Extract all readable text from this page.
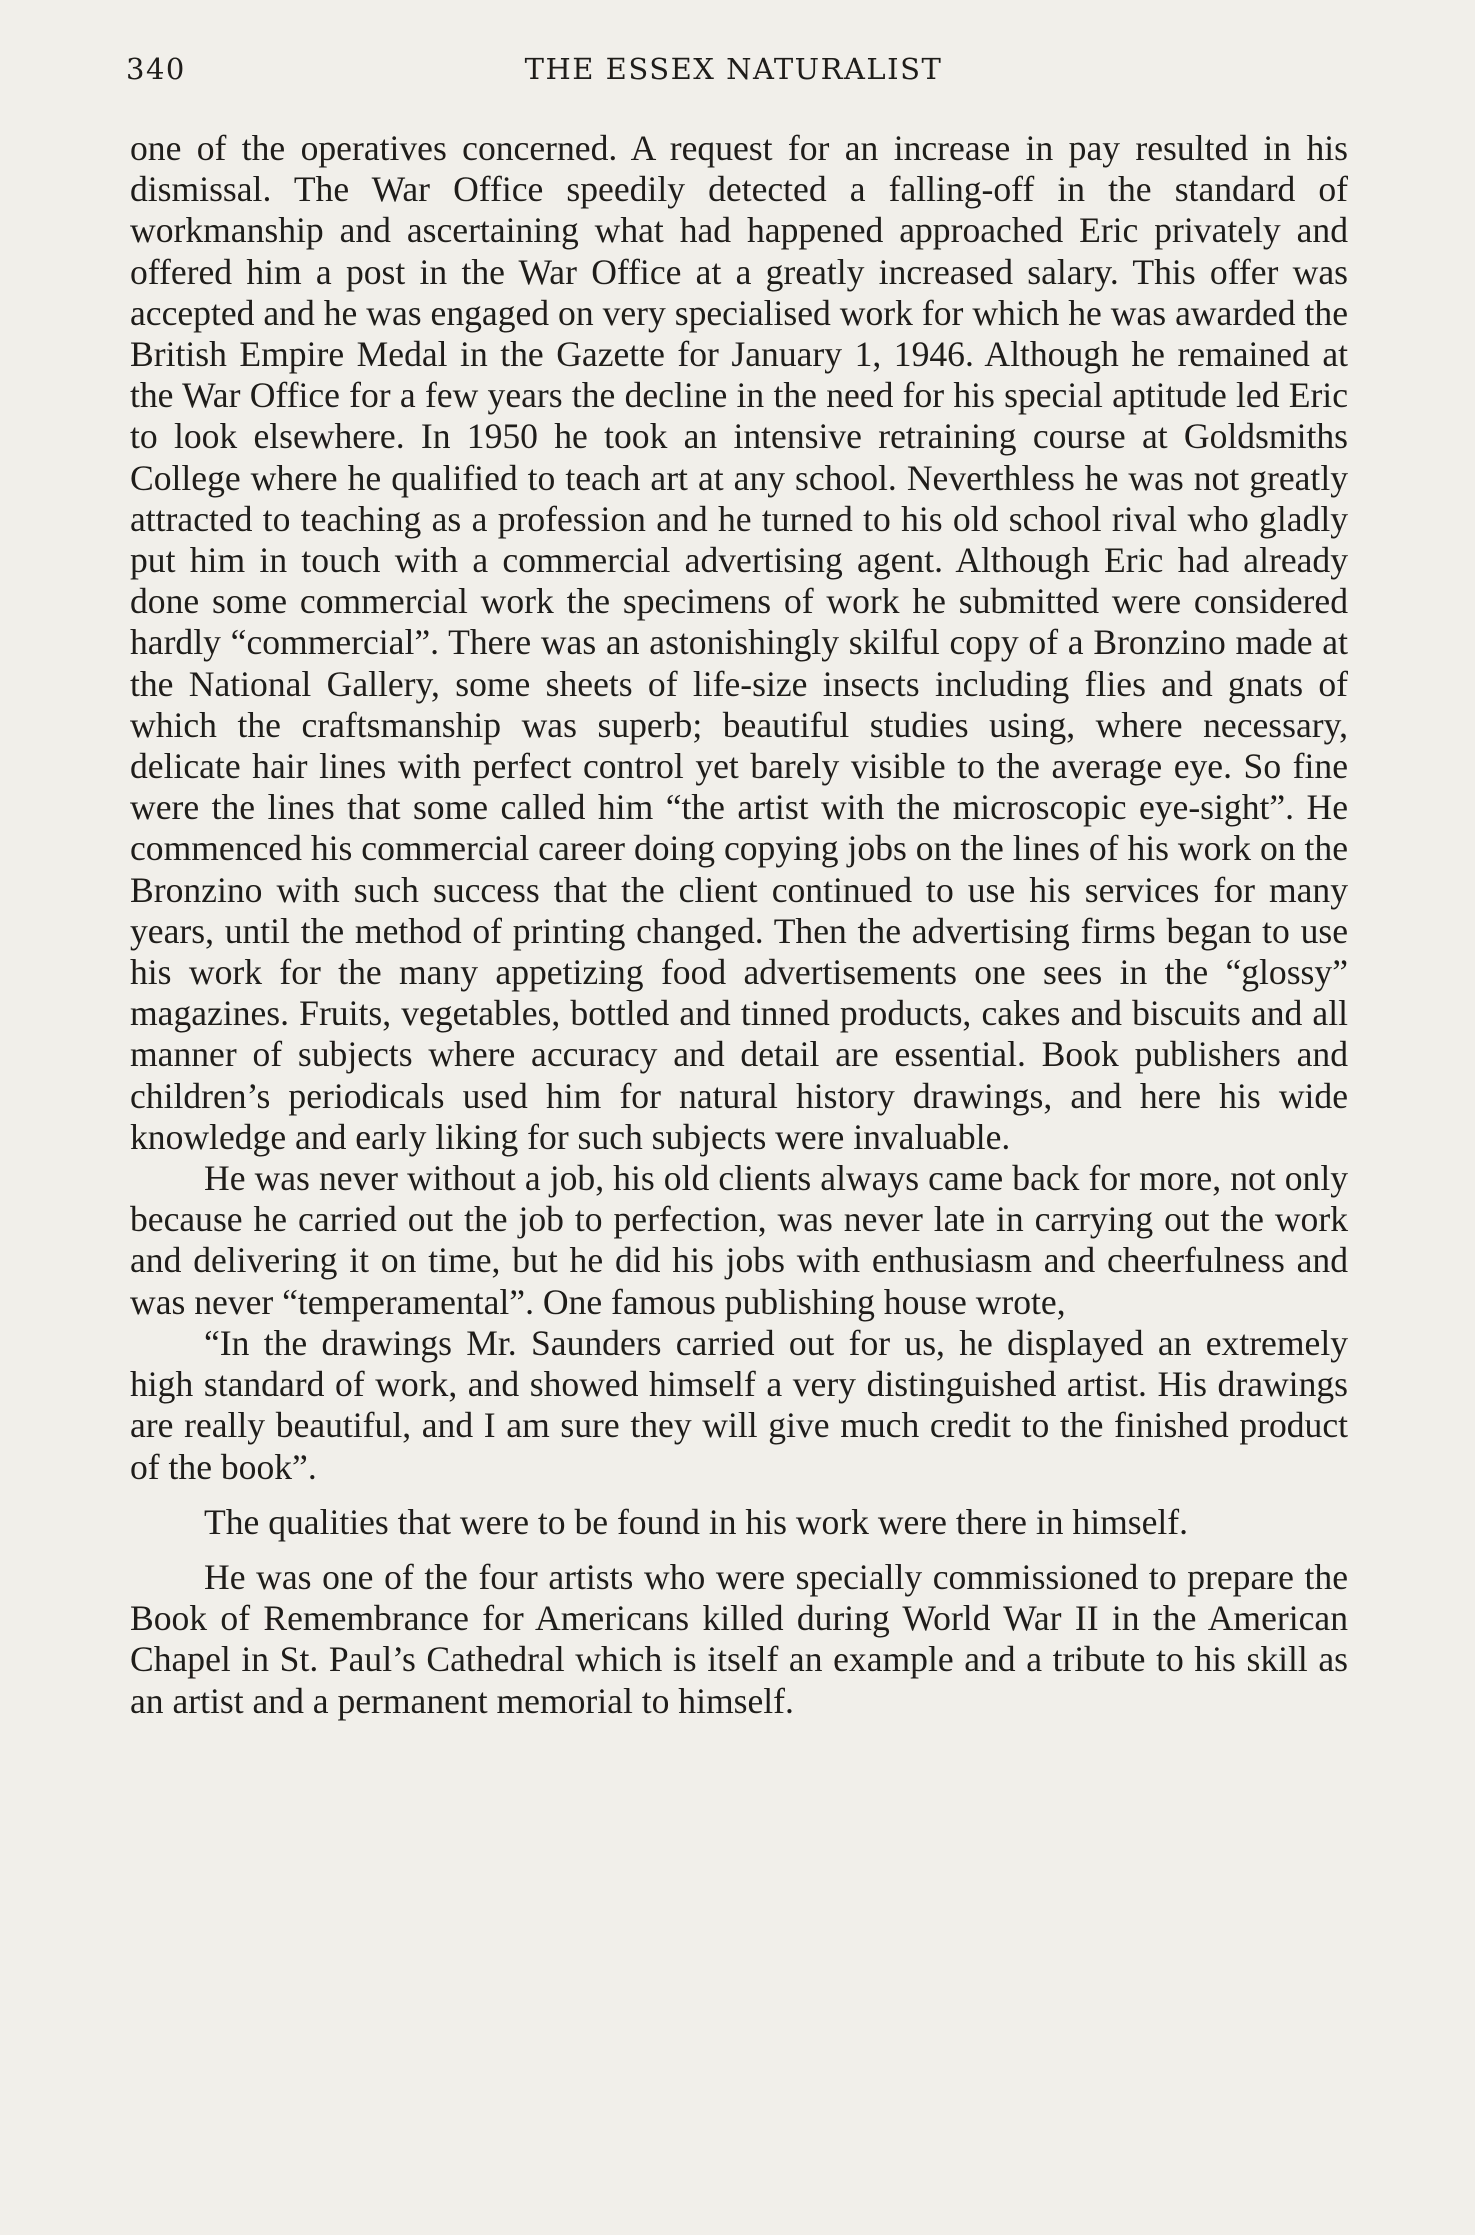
340	THE ESSEX NATURALIST

one of the operatives concerned. A request for an increase in pay resulted in his dismissal. The War Office speedily detected a falling-off in the standard of workmanship and ascertaining what had happened approached Eric privately and offered him a post in the War Office at a greatly increased salary. This offer was accepted and he was engaged on very specialised work for which he was awarded the British Empire Medal in the Gazette for January 1, 1946. Although he remained at the War Office for a few years the decline in the need for his special aptitude led Eric to look elsewhere. In 1950 he took an intensive retraining course at Goldsmiths College where he qualified to teach art at any school. Neverthless he was not greatly attracted to teaching as a profession and he turned to his old school rival who gladly put him in touch with a commercial advertising agent. Although Eric had already done some commercial work the specimens of work he submitted were considered hardly “commercial”. There was an astonishingly skilful copy of a Bronzino made at the National Gallery, some sheets of life-size insects including flies and gnats of which the craftsmanship was superb; beautiful studies using, where necessary, delicate hair lines with perfect control yet barely visible to the average eye. So fine were the lines that some called him “the artist with the microscopic eye-sight”. He commenced his commercial career doing copying jobs on the lines of his work on the Bronzino with such success that the client continued to use his services for many years, until the method of printing changed. Then the advertising firms began to use his work for the many appetizing food advertisements one sees in the “glossy” magazines. Fruits, vegetables, bottled and tinned products, cakes and biscuits and all manner of subjects where accuracy and detail are essential. Book publishers and children’s periodicals used him for natural history drawings, and here his wide knowledge and early liking for such subjects were invaluable.

He was never without a job, his old clients always came back for more, not only because he carried out the job to perfection, was never late in carrying out the work and delivering it on time, but he did his jobs with enthusiasm and cheerfulness and was never “temperamental”. One famous publishing house wrote,

“In the drawings Mr. Saunders carried out for us, he displayed an extremely high standard of work, and showed himself a very distinguished artist. His drawings are really beautiful, and I am sure they will give much credit to the finished product of the book”.

The qualities that were to be found in his work were there in himself.

He was one of the four artists who were specially commissioned to prepare the Book of Remembrance for Americans killed during World War II in the American Chapel in St. Paul’s Cathedral which is itself an example and a tribute to his skill as an artist and a permanent memorial to himself.
